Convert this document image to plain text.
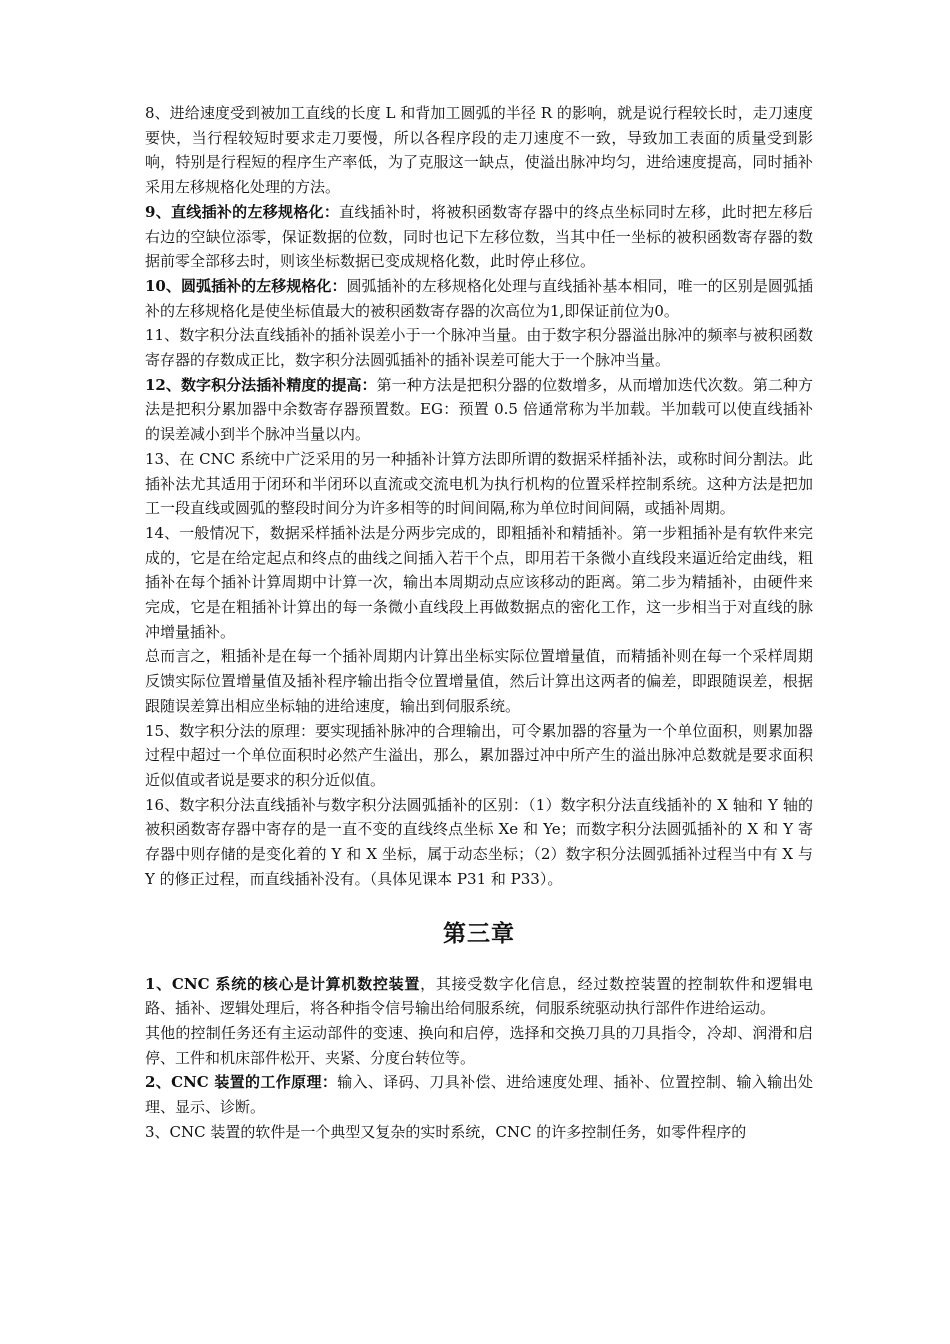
8、进给速度受到被加工直线的长度 L 和背加工圆弧的半径 R 的影响，就是说行程较长时，走刀速度要快，当行程较短时要求走刀要慢，所以各程序段的走刀速度不一致，导致加工表面的质量受到影响，特别是行程短的程序生产率低，为了克服这一缺点，使溢出脉冲均匀，进给速度提高，同时插补采用左移规格化处理的方法。

9、直线插补的左移规格化：直线插补时，将被积函数寄存器中的终点坐标同时左移，此时把左移后右边的空缺位添零，保证数据的位数，同时也记下左移位数，当其中任一坐标的被积函数寄存器的数据前零全部移去时，则该坐标数据已变成规格化数，此时停止移位。

10、圆弧插补的左移规格化：圆弧插补的左移规格化处理与直线插补基本相同，唯一的区别是圆弧插补的左移规格化是使坐标值最大的被积函数寄存器的次高位为1,即保证前位为0。

11、数字积分法直线插补的插补误差小于一个脉冲当量。由于数字积分器溢出脉冲的频率与被积函数寄存器的存数成正比，数字积分法圆弧插补的插补误差可能大于一个脉冲当量。

12、数字积分法插补精度的提高：第一种方法是把积分器的位数增多，从而增加迭代次数。第二种方法是把积分累加器中余数寄存器预置数。EG：预置 0.5 倍通常称为半加载。半加载可以使直线插补的误差减小到半个脉冲当量以内。

13、在 CNC 系统中广泛采用的另一种插补计算方法即所谓的数据采样插补法，或称时间分割法。此插补法尤其适用于闭环和半闭环以直流或交流电机为执行机构的位置采样控制系统。这种方法是把加工一段直线或圆弧的整段时间分为许多相等的时间间隔,称为单位时间间隔，或插补周期。

14、一般情况下，数据采样插补法是分两步完成的，即粗插补和精插补。第一步粗插补是有软件来完成的，它是在给定起点和终点的曲线之间插入若干个点，即用若干条微小直线段来逼近给定曲线，粗插补在每个插补计算周期中计算一次，输出本周期动点应该移动的距离。第二步为精插补，由硬件来完成，它是在粗插补计算出的每一条微小直线段上再做数据点的密化工作，这一步相当于对直线的脉冲增量插补。

总而言之，粗插补是在每一个插补周期内计算出坐标实际位置增量值，而精插补则在每一个采样周期反馈实际位置增量值及插补程序输出指令位置增量值，然后计算出这两者的偏差，即跟随误差，根据跟随误差算出相应坐标轴的进给速度，输出到伺服系统。

15、数字积分法的原理：要实现插补脉冲的合理输出，可令累加器的容量为一个单位面积，则累加器过程中超过一个单位面积时必然产生溢出，那么，累加器过冲中所产生的溢出脉冲总数就是要求面积近似值或者说是要求的积分近似值。

16、数字积分法直线插补与数字积分法圆弧插补的区别：（1）数字积分法直线插补的 X 轴和 Y 轴的被积函数寄存器中寄存的是一直不变的直线终点坐标 Xe 和 Ye；而数字积分法圆弧插补的 X 和 Y 寄存器中则存储的是变化着的 Y 和 X 坐标，属于动态坐标；（2）数字积分法圆弧插补过程当中有 X 与 Y 的修正过程，而直线插补没有。（具体见课本 P31 和 P33）。

第三章

1、CNC 系统的核心是计算机数控装置，其接受数字化信息，经过数控装置的控制软件和逻辑电路、插补、逻辑处理后，将各种指令信号输出给伺服系统，伺服系统驱动执行部件作进给运动。

其他的控制任务还有主运动部件的变速、换向和启停，选择和交换刀具的刀具指令，冷却、润滑和启停、工件和机床部件松开、夹紧、分度台转位等。

2、CNC 装置的工作原理：输入、译码、刀具补偿、进给速度处理、插补、位置控制、输入输出处理、显示、诊断。

3、CNC 装置的软件是一个典型又复杂的实时系统，CNC 的许多控制任务，如零件程序的
